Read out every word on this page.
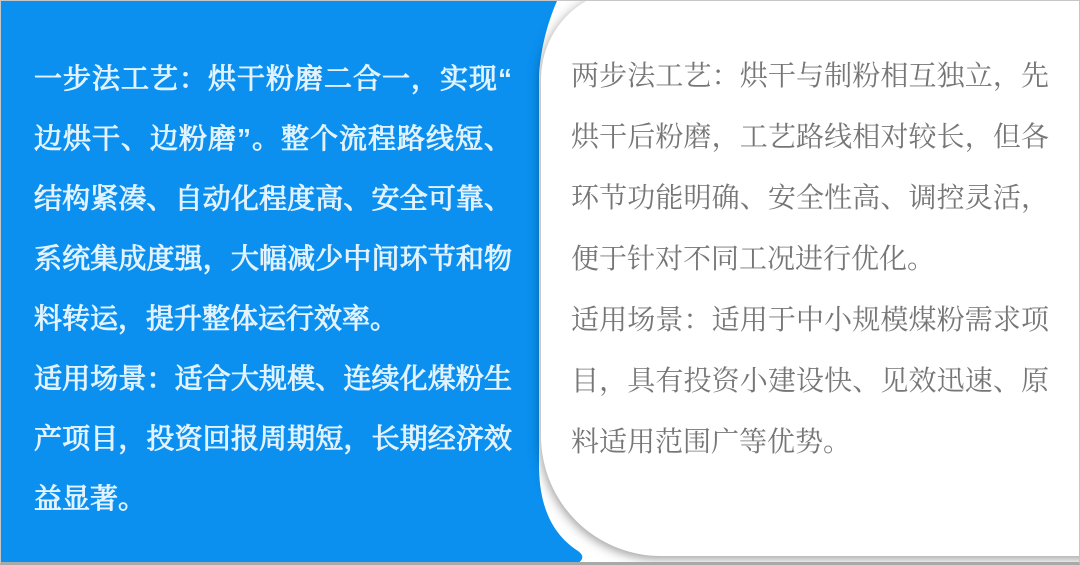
一步法工艺：烘干粉磨二合一，实现“
边烘干、边粉磨”。整个流程路线短、
结构紧凑、自动化程度高、安全可靠、
系统集成度强，大幅减少中间环节和物
料转运，提升整体运行效率。
适用场景：适合大规模、连续化煤粉生
产项目，投资回报周期短，长期经济效
益显著。
两步法工艺：烘干与制粉相互独立，先
烘干后粉磨，工艺路线相对较长，但各
环节功能明确、安全性高、调控灵活，
便于针对不同工况进行优化。
适用场景：适用于中小规模煤粉需求项
目，具有投资小建设快、见效迅速、原
料适用范围广等优势。
